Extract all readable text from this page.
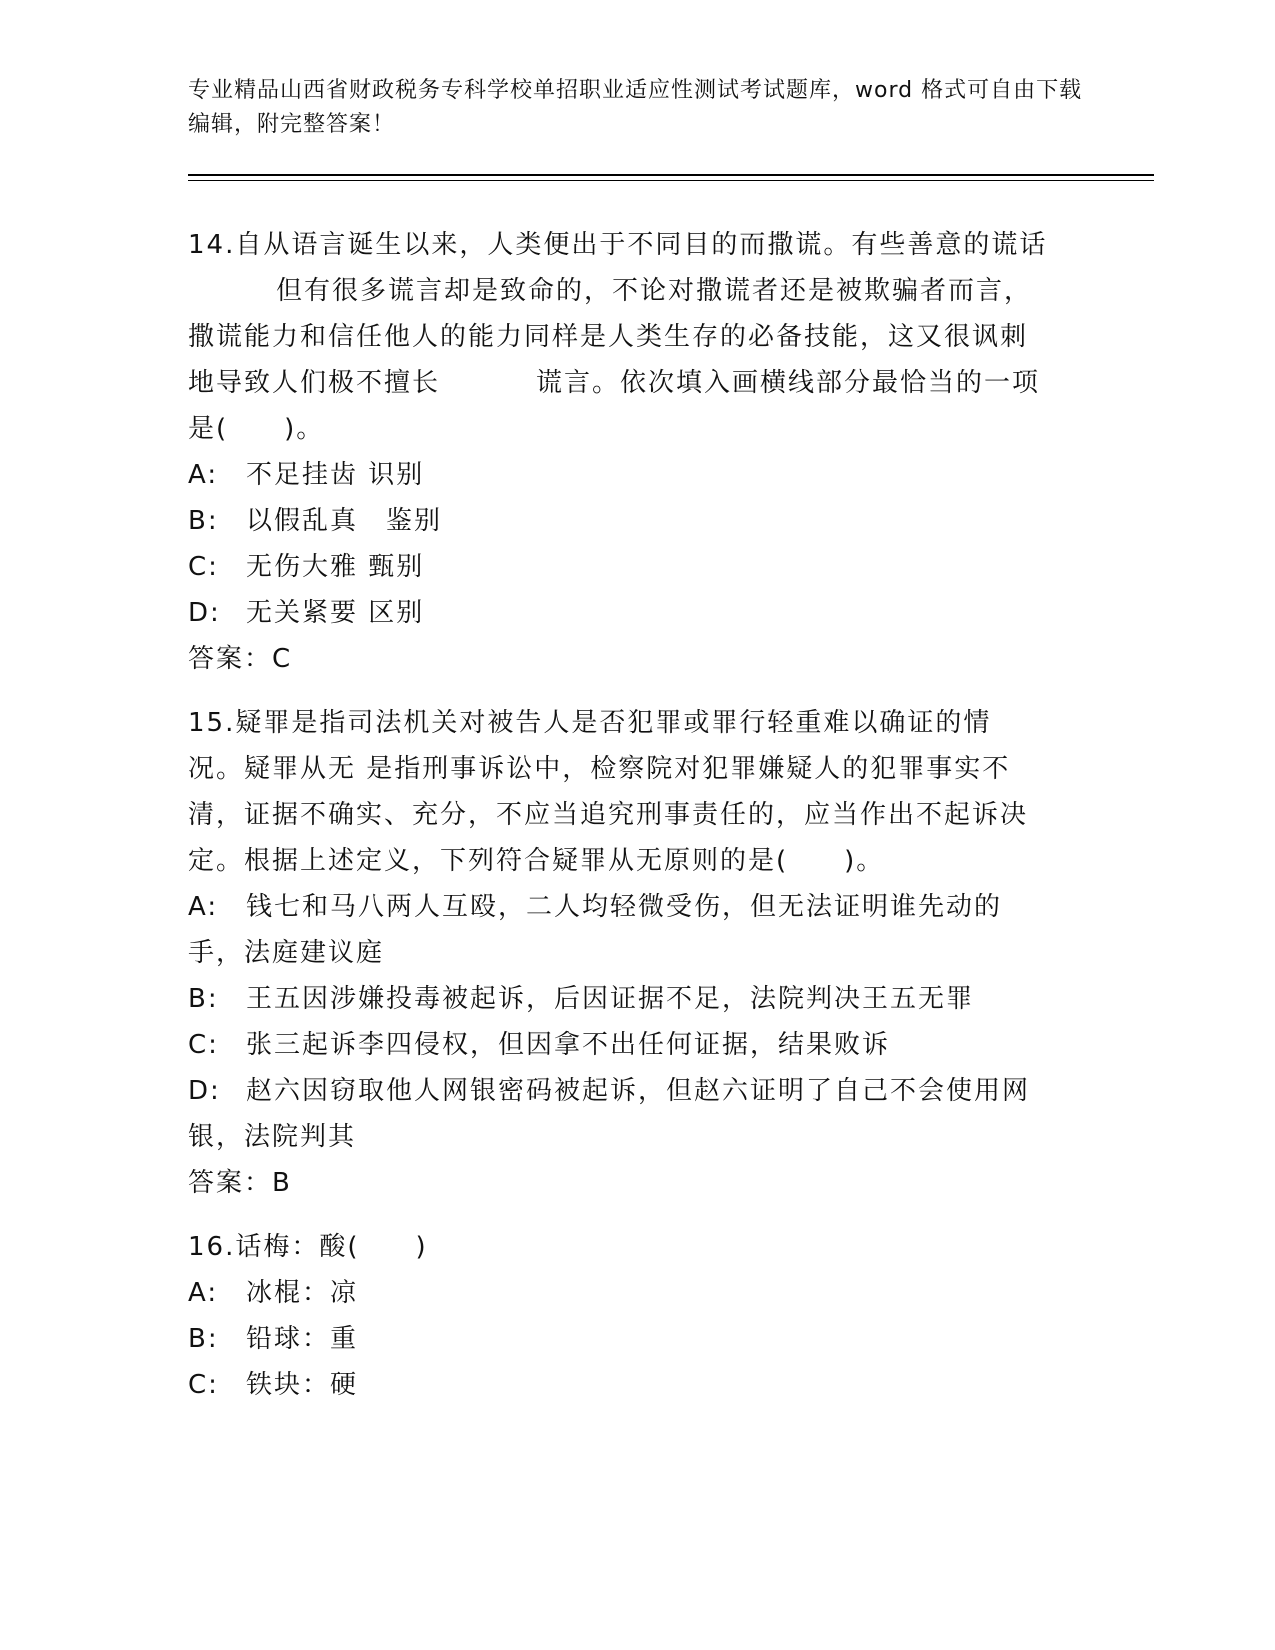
专业精品山西省财政税务专科学校单招职业适应性测试考试题库，word 格式可自由下载编辑，附完整答案！
14.自从语言诞生以来，人类便出于不同目的而撒谎。有些善意的谎话
但有很多谎言却是致命的，不论对撒谎者还是被欺骗者而言，
撒谎能力和信任他人的能力同样是人类生存的必备技能，这又很讽刺
地导致人们极不擅长	谎言。依次填入画横线部分最恰当的一项
是(　　)。
A: 不足挂齿 识别
B: 以假乱真　鉴别
C: 无伤大雅 甄别
D: 无关紧要 区别
答案：C
15.疑罪是指司法机关对被告人是否犯罪或罪行轻重难以确证的情况。疑罪从无 是指刑事诉讼中，检察院对犯罪嫌疑人的犯罪事实不清，证据不确实、充分，不应当追究刑事责任的，应当作出不起诉决定。根据上述定义，下列符合疑罪从无原则的是(　　)。
A: 钱七和马八两人互殴，二人均轻微受伤，但无法证明谁先动的手，法庭建议庭
B: 王五因涉嫌投毒被起诉，后因证据不足，法院判决王五无罪
C: 张三起诉李四侵权，但因拿不出任何证据，结果败诉
D: 赵六因窃取他人网银密码被起诉，但赵六证明了自己不会使用网银，法院判其
答案：B
16.话梅：酸(　　)
A: 冰棍：凉
B: 铅球：重
C: 铁块：硬
